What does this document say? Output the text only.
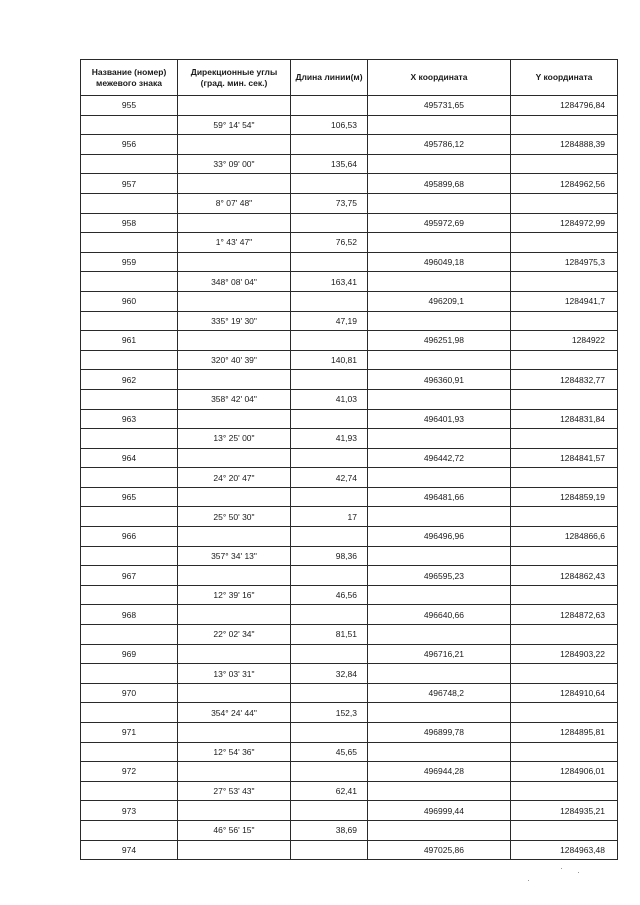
Название (номер) межевого знака	Дирекционные углы (град. мин. сек.)	Длина линии(м)	X координата	Y координата
955			495731,65	1284796,84
	59° 14' 54"	106,53		
956			495786,12	1284888,39
	33° 09' 00"	135,64		
957			495899,68	1284962,56
	8° 07' 48"	73,75		
958			495972,69	1284972,99
	1° 43' 47"	76,52		
959			496049,18	1284975,3
	348° 08' 04"	163,41		
960			496209,1	1284941,7
	335° 19' 30"	47,19		
961			496251,98	1284922
	320° 40' 39"	140,81		
962			496360,91	1284832,77
	358° 42' 04"	41,03		
963			496401,93	1284831,84
	13° 25' 00"	41,93		
964			496442,72	1284841,57
	24° 20' 47"	42,74		
965			496481,66	1284859,19
	25° 50' 30"	17		
966			496496,96	1284866,6
	357° 34' 13"	98,36		
967			496595,23	1284862,43
	12° 39' 16"	46,56		
968			496640,66	1284872,63
	22° 02' 34"	81,51		
969			496716,21	1284903,22
	13° 03' 31"	32,84		
970			496748,2	1284910,64
	354° 24' 44"	152,3		
971			496899,78	1284895,81
	12° 54' 36"	45,65		
972			496944,28	1284906,01
	27° 53' 43"	62,41		
973			496999,44	1284935,21
	46° 56' 15"	38,69		
974			497025,86	1284963,48
